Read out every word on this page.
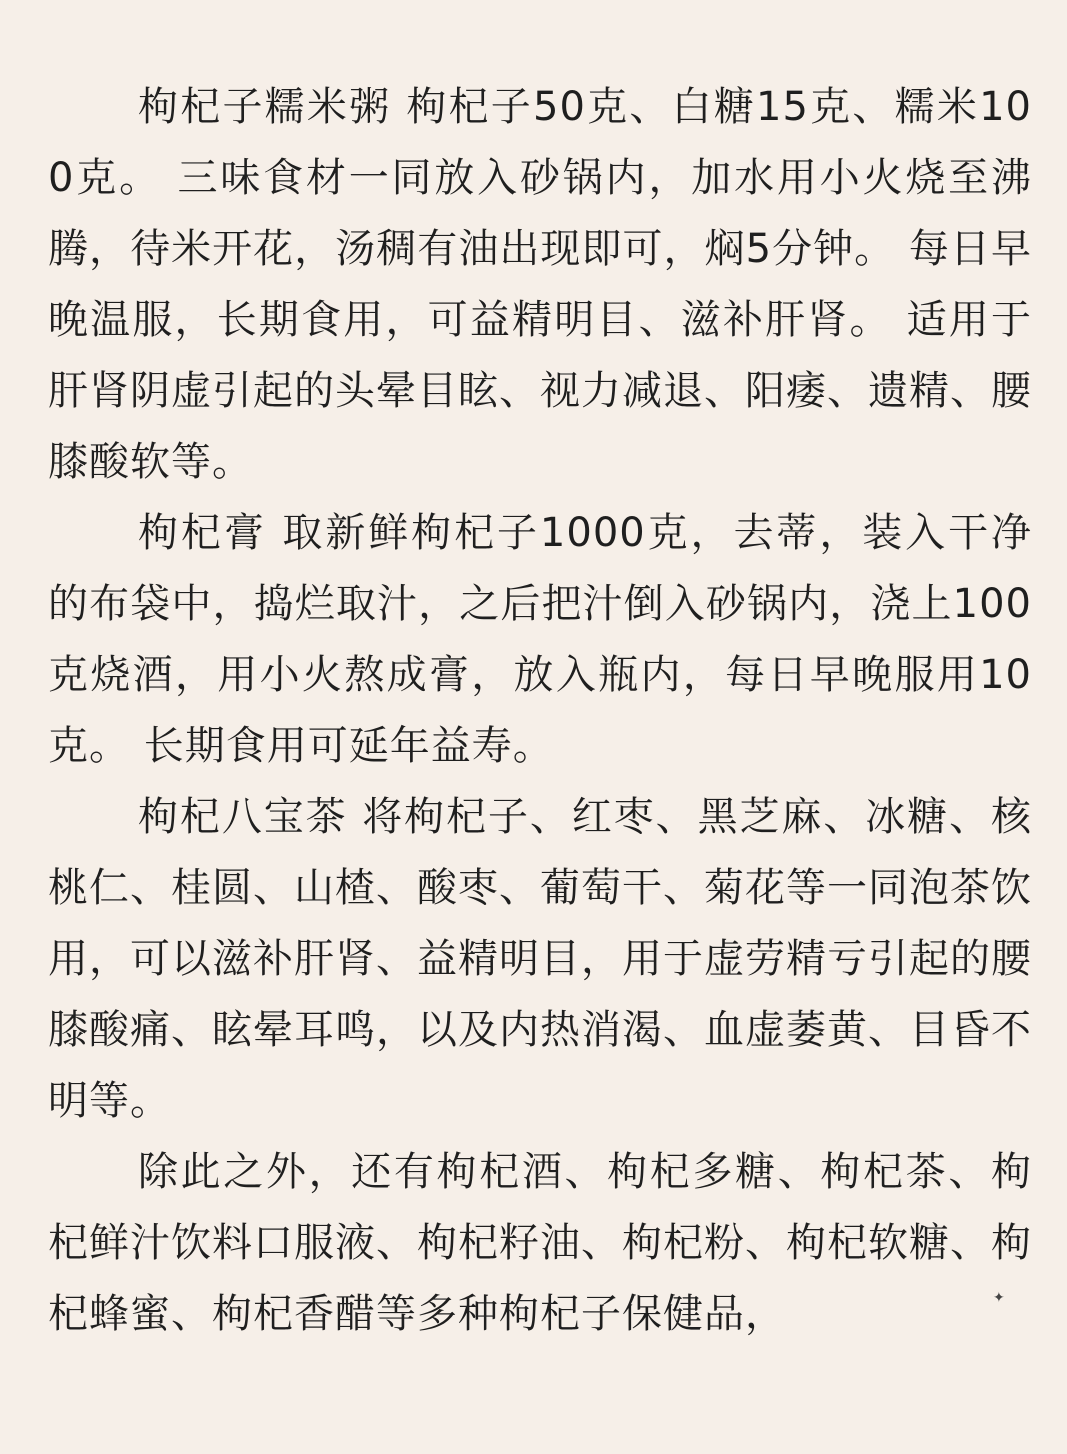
枸杞子糯米粥 枸杞子50克、白糖15克、糯米100克。 三味食材一同放入砂锅内，加水用小火烧至沸腾，待米开花，汤稠有油出现即可，焖5分钟。 每日早晚温服，长期食用，可益精明目、滋补肝肾。 适用于肝肾阴虚引起的头晕目眩、视力减退、阳痿、遗精、腰膝酸软等。

枸杞膏 取新鲜枸杞子1000克，去蒂，装入干净的布袋中，捣烂取汁，之后把汁倒入砂锅内，浇上100克烧酒，用小火熬成膏，放入瓶内，每日早晚服用10克。 长期食用可延年益寿。

枸杞八宝茶 将枸杞子、红枣、黑芝麻、冰糖、核桃仁、桂圆、山楂、酸枣、葡萄干、菊花等一同泡茶饮用，可以滋补肝肾、益精明目，用于虚劳精亏引起的腰膝酸痛、眩晕耳鸣，以及内热消渴、血虚萎黄、目昏不明等。

除此之外，还有枸杞酒、枸杞多糖、枸杞茶、枸杞鲜汁饮料口服液、枸杞籽油、枸杞粉、枸杞软糖、枸杞蜂蜜、枸杞香醋等多种枸杞子保健品，	✦
